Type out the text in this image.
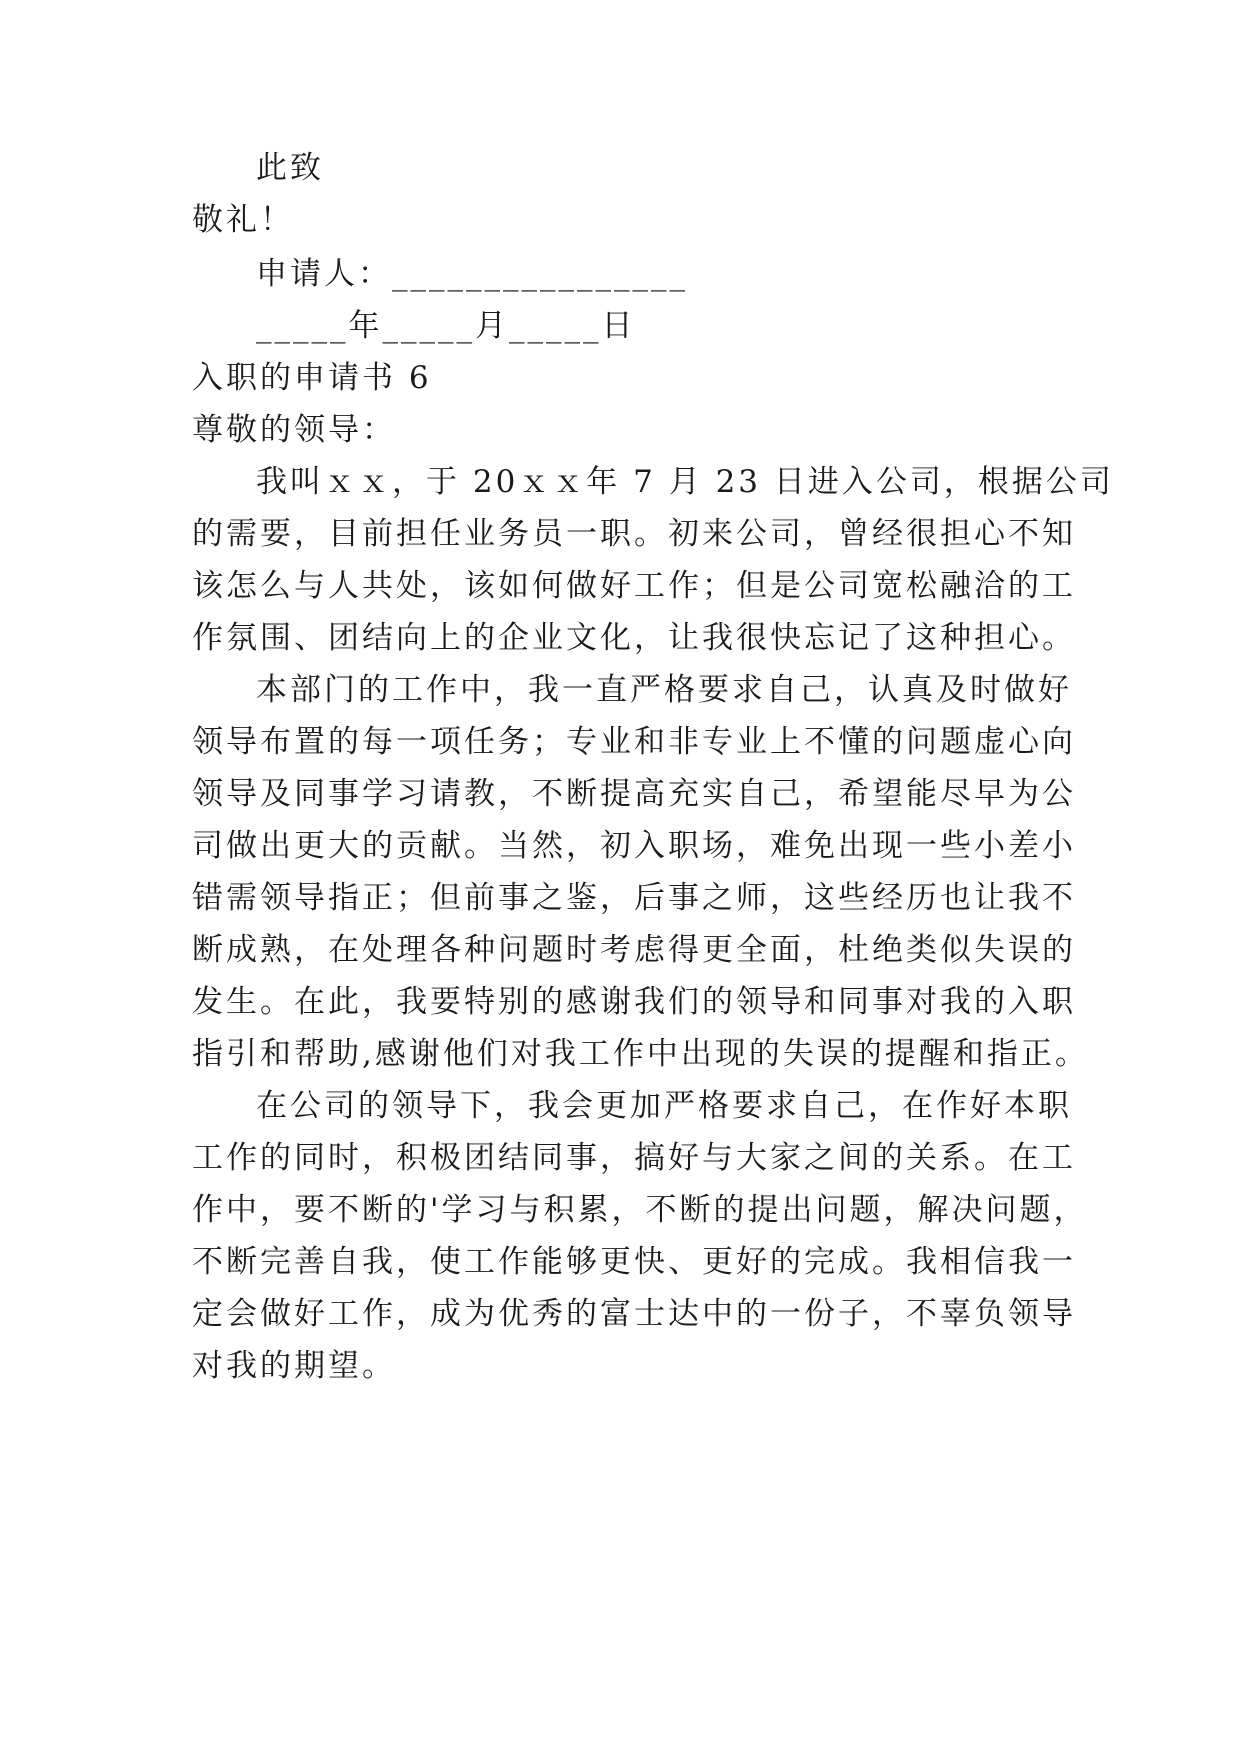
此致
敬礼！
申请人：________________
_____年_____月_____日
入职的申请书 6
尊敬的领导：
我叫ｘｘ，于 20ｘｘ年 7 月 23 日进入公司，根据公司
的需要，目前担任业务员一职。初来公司，曾经很担心不知
该怎么与人共处，该如何做好工作；但是公司宽松融洽的工
作氛围、团结向上的企业文化，让我很快忘记了这种担心。
本部门的工作中，我一直严格要求自己，认真及时做好
领导布置的每一项任务；专业和非专业上不懂的问题虚心向
领导及同事学习请教，不断提高充实自己，希望能尽早为公
司做出更大的贡献。当然，初入职场，难免出现一些小差小
错需领导指正；但前事之鉴，后事之师，这些经历也让我不
断成熟，在处理各种问题时考虑得更全面，杜绝类似失误的
发生。在此，我要特别的感谢我们的领导和同事对我的入职
指引和帮助,感谢他们对我工作中出现的失误的提醒和指正。
在公司的领导下，我会更加严格要求自己，在作好本职
工作的同时，积极团结同事，搞好与大家之间的关系。在工
作中，要不断的'学习与积累，不断的提出问题，解决问题，
不断完善自我，使工作能够更快、更好的完成。我相信我一
定会做好工作，成为优秀的富士达中的一份子，不辜负领导
对我的期望。
